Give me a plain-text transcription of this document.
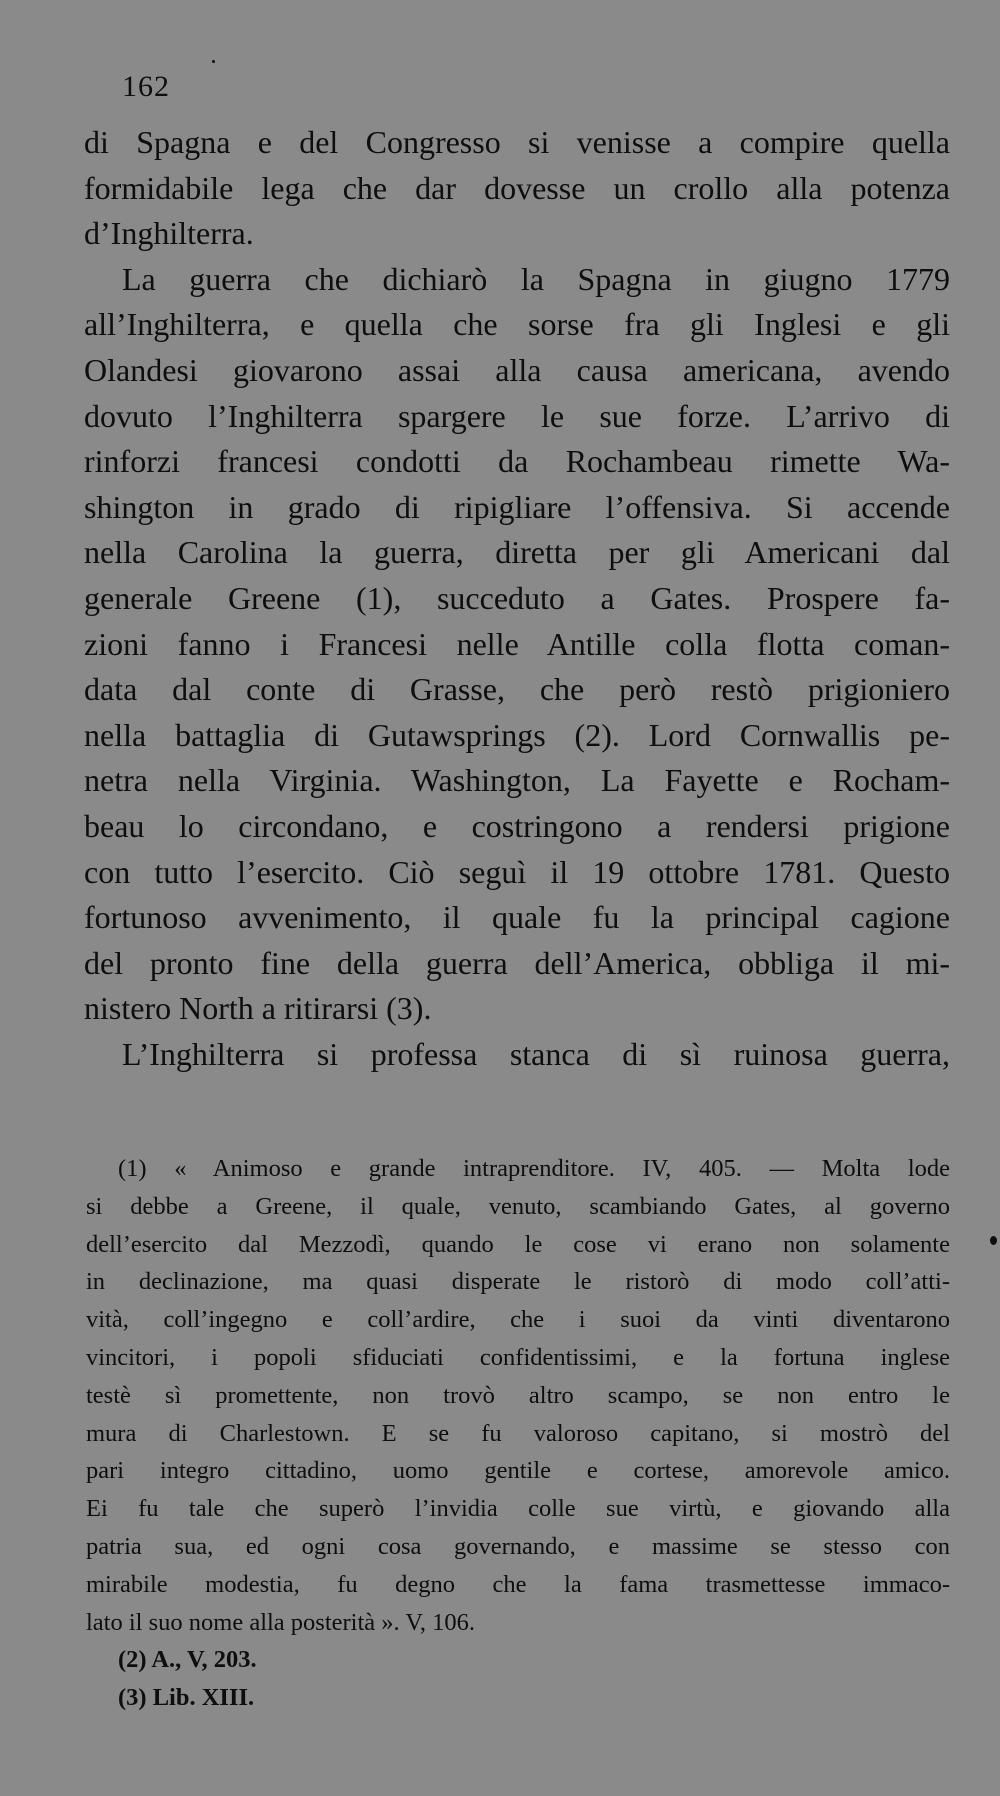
162
di Spagna e del Congresso si venisse a compire quella
formidabile lega che dar dovesse un crollo alla potenza
d’Inghilterra.
La guerra che dichiarò la Spagna in giugno 1779
all’Inghilterra, e quella che sorse fra gli Inglesi e gli
Olandesi giovarono assai alla causa americana, avendo
dovuto l’Inghilterra spargere le sue forze. L’arrivo di
rinforzi francesi condotti da Rochambeau rimette Wa-
shington in grado di ripigliare l’offensiva. Si accende
nella Carolina la guerra, diretta per gli Americani dal
generale Greene (1), succeduto a Gates. Prospere fa-
zioni fanno i Francesi nelle Antille colla flotta coman-
data dal conte di Grasse, che però restò prigioniero
nella battaglia di Gutawsprings (2). Lord Cornwallis pe-
netra nella Virginia. Washington, La Fayette e Rocham-
beau lo circondano, e costringono a rendersi prigione
con tutto l’esercito. Ciò seguì il 19 ottobre 1781. Questo
fortunoso avvenimento, il quale fu la principal cagione
del pronto fine della guerra dell’America, obbliga il mi-
nistero North a ritirarsi (3).
L’Inghilterra si professa stanca di sì ruinosa guerra,
(1) « Animoso e grande intraprenditore. IV, 405. — Molta lode
si debbe a Greene, il quale, venuto, scambiando Gates, al governo
dell’esercito dal Mezzodì, quando le cose vi erano non solamente
in declinazione, ma quasi disperate le ristorò di modo coll’atti-
vità, coll’ingegno e coll’ardire, che i suoi da vinti diventarono
vincitori, i popoli sfiduciati confidentissimi, e la fortuna inglese
testè sì promettente, non trovò altro scampo, se non entro le
mura di Charlestown. E se fu valoroso capitano, si mostrò del
pari integro cittadino, uomo gentile e cortese, amorevole amico.
Ei fu tale che superò l’invidia colle sue virtù, e giovando alla
patria sua, ed ogni cosa governando, e massime se stesso con
mirabile modestia, fu degno che la fama trasmettesse immaco-
lato il suo nome alla posterità ». V, 106.
(2) A., V, 203.
(3) Lib. XIII.
